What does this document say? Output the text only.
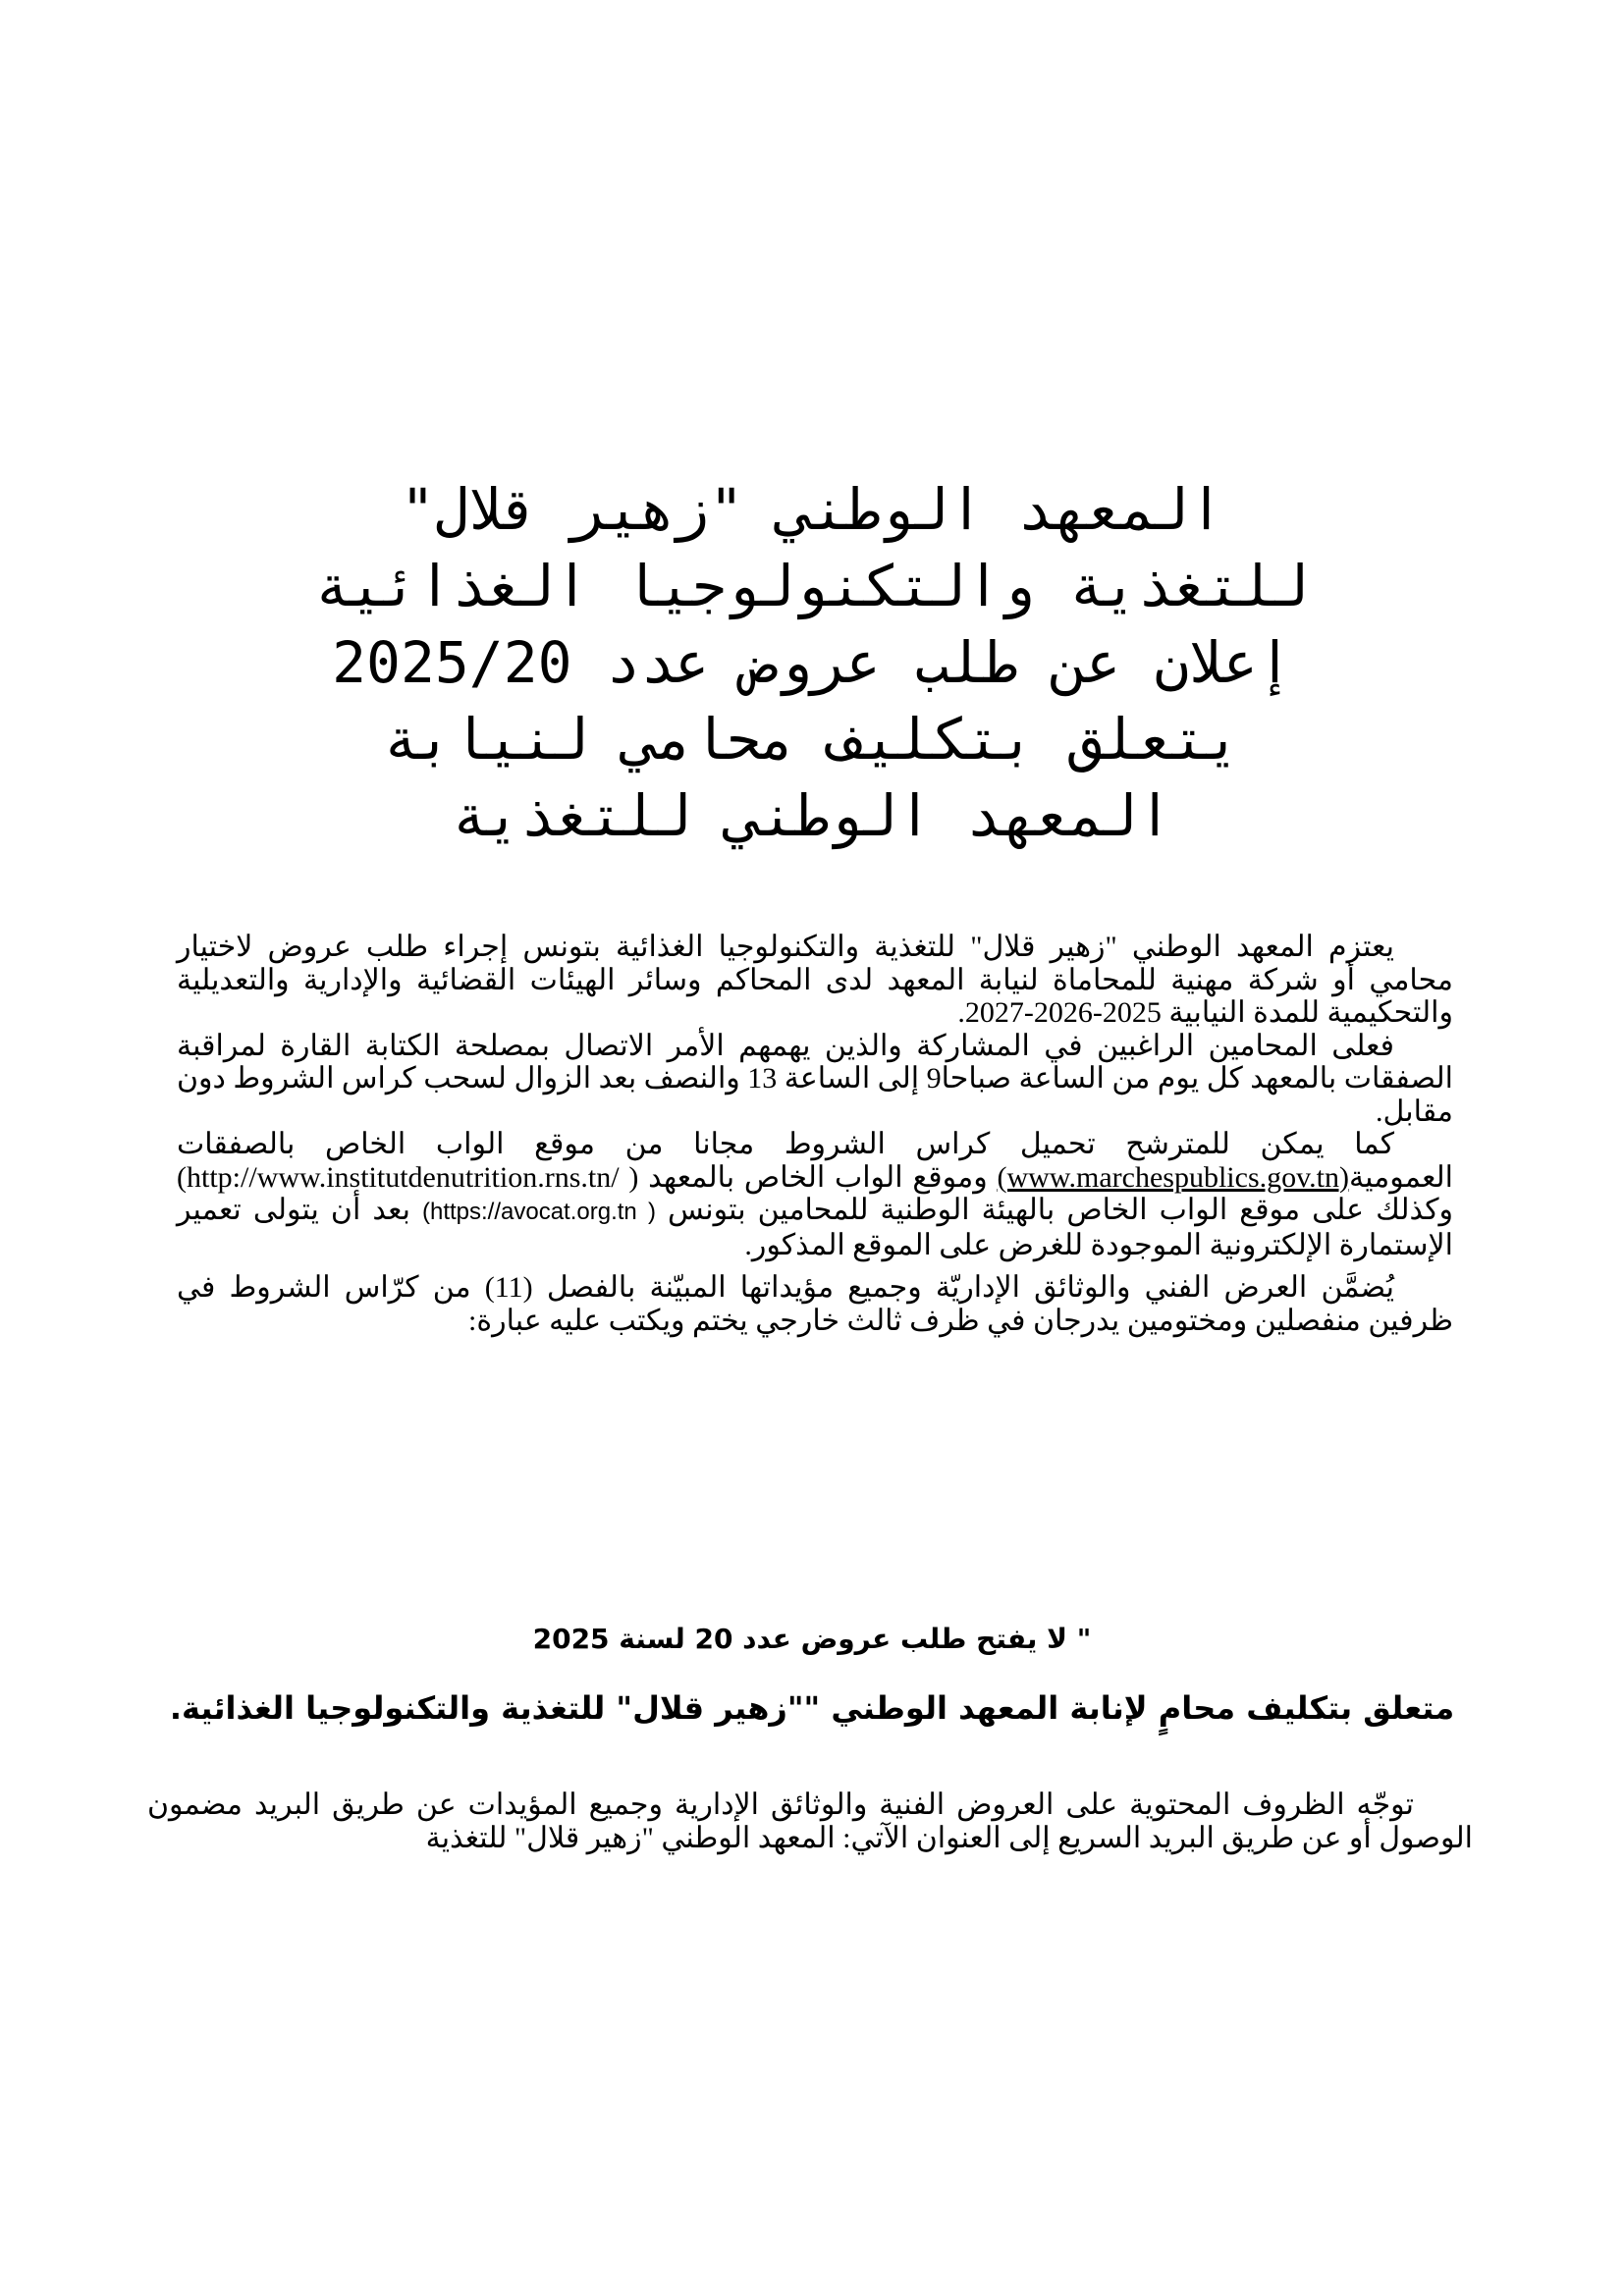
المعهد الوطني "زهير قلال"
للتغذية والتكنولوجيا الغذائية
إعلان عن طلب عروض عدد 2025/20
يتعلق بتكليف محامي لنيابة
المعهد الوطني للتغذية

يعتزم المعهد الوطني "زهير قلال" للتغذية والتكنولوجيا الغذائية بتونس إجراء طلب عروض لاختيار محامي أو شركة مهنية للمحاماة لنيابة المعهد لدى المحاكم وسائر الهيئات القضائية والإدارية والتعديلية والتحكيمية للمدة النيابية 2025-2026-2027.

فعلى المحامين الراغبين في المشاركة والذين يهمهم الأمر الاتصال بمصلحة الكتابة القارة لمراقبة الصفقات بالمعهد كل يوم من الساعة صباحا9 إلى الساعة 13 والنصف بعد الزوال لسحب كراس الشروط دون مقابل.

كما يمكن للمترشح تحميل كراس الشروط مجانا من موقع الواب الخاص بالصفقات العمومية(www.marchespublics.gov.tn) وموقع الواب الخاص بالمعهد (http://www.institutdenutrition.rns.tn/ ) وكذلك على موقع الواب الخاص بالهيئة الوطنية للمحامين بتونس (https://avocat.org.tn ) بعد أن يتولى تعمير الإستمارة الإلكترونية الموجودة للغرض على الموقع المذكور.

يُضمَّن العرض الفني والوثائق الإداريّة وجميع مؤيداتها المبيّنة بالفصل (11) من كرّاس الشروط في ظرفين منفصلين ومختومين يدرجان في ظرف ثالث خارجي يختم ويكتب عليه عبارة:

" لا يفتح طلب عروض عدد 20 لسنة 2025
متعلق بتكليف محامٍ لإنابة المعهد الوطني ""زهير قلال" للتغذية والتكنولوجيا الغذائية.

توجّه الظروف المحتوية على العروض الفنية والوثائق الإدارية وجميع المؤيدات عن طريق البريد مضمون الوصول أو عن طريق البريد السريع إلى العنوان الآتي: المعهد الوطني "زهير قلال" للتغذية
